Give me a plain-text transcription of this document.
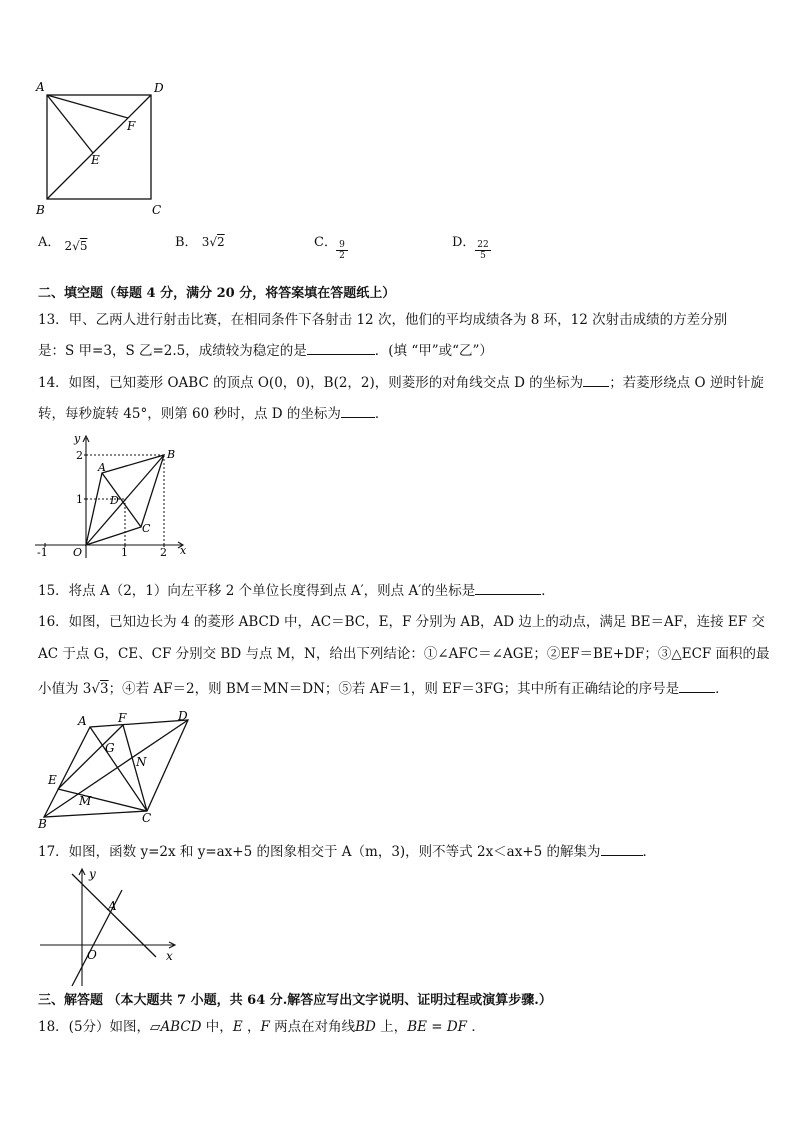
A	D
F
E
B	C
A． 2√5	B． 3√2	C． $\frac{9}{2}$	D． $\frac{22}{5}$
二、填空题（每题 4 分，满分 20 分，将答案填在答题纸上）
13．甲、乙两人进行射击比赛，在相同条件下各射击 12 次，他们的平均成绩各为 8 环，12 次射击成绩的方差分别
是：S 甲=3，S 乙=2.5，成绩较为稳定的是	．(填 “甲”或“乙”）
14．如图，已知菱形 OABC 的顶点 O(0，0)，B(2，2)，则菱形的对角线交点 D 的坐标为 ；若菱形绕点 O 逆时针旋
转，每秒旋转 45°，则第 60 秒时，点 D 的坐标为	．
y
x
O
-1	1	2
1
2
A
B
C
D
15．将点 A（2，1）向左平移 2 个单位长度得到点 A′，则点 A′的坐标是	．
16．如图，已知边长为 4 的菱形 ABCD 中，AC＝BC，E，F 分别为 AB，AD 边上的动点，满足 BE＝AF，连接 EF 交
AC 于点 G，CE、CF 分别交 BD 与点 M，N，给出下列结论：①∠AFC＝∠AGE；②EF＝BE+DF；③△ECF 面积的最
小值为 3√3；④若 AF＝2，则 BM＝MN＝DN；⑤若 AF＝1，则 EF＝3FG；其中所有正确结论的序号是	．
A	F	D
G
N
E
M
B	C
17．如图，函数 y=2x 和 y=ax+5 的图象相交于 A（m，3)，则不等式 2x＜ax+5 的解集为	．
y
x
O
A
三、解答题 （本大题共 7 小题，共 64 分.解答应写出文字说明、证明过程或演算步骤.）
18．(5分）如图，▱ABCD 中，E ，F 两点在对角线BD 上，BE = DF ．
